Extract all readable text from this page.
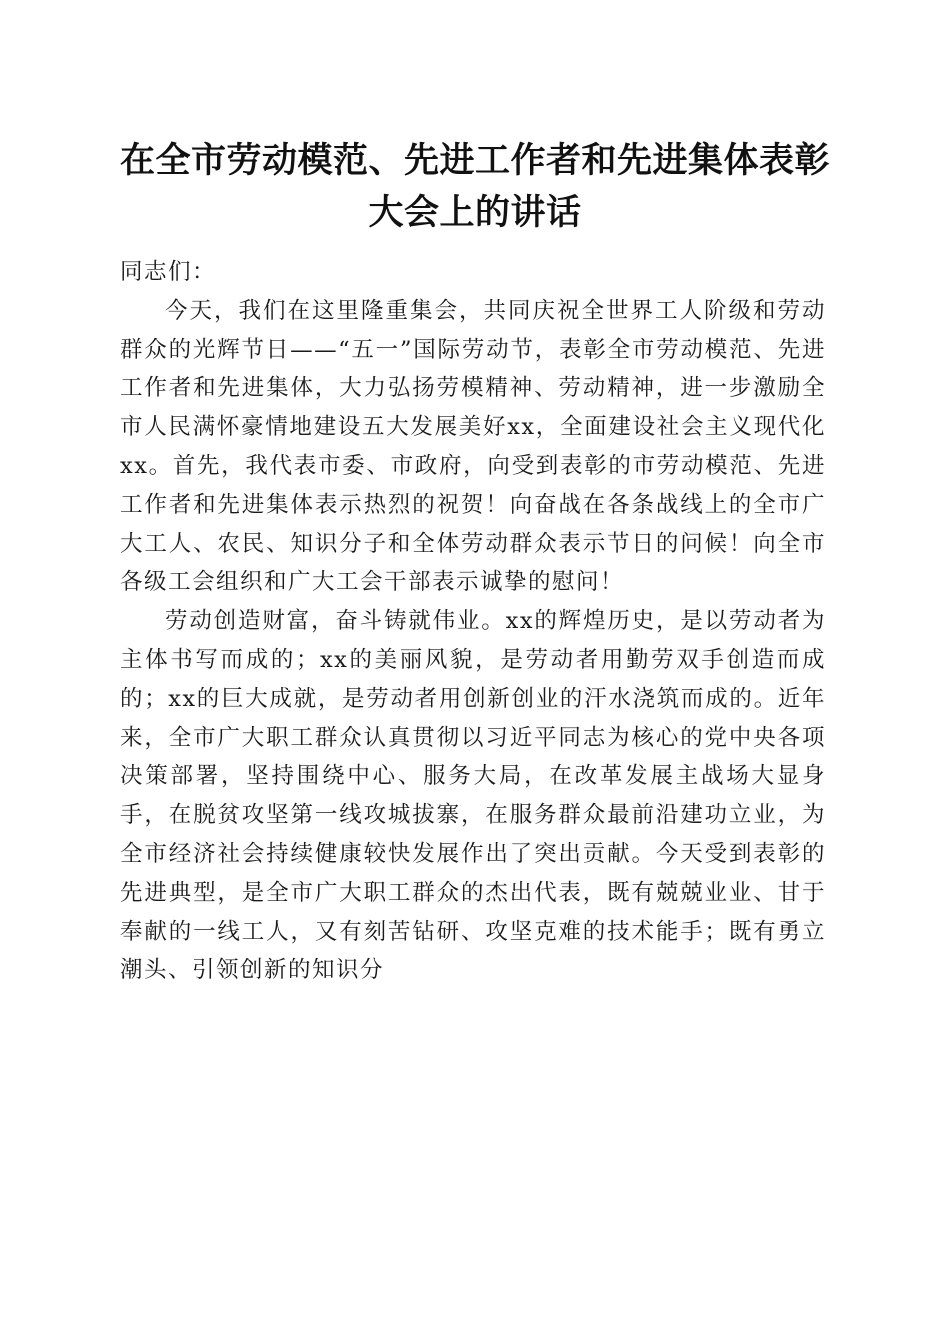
在全市劳动模范、先进工作者和先进集体表彰
大会上的讲话

同志们：

今天，我们在这里隆重集会，共同庆祝全世界工人阶级和劳动群众的光辉节日——“五一”国际劳动节，表彰全市劳动模范、先进工作者和先进集体，大力弘扬劳模精神、劳动精神，进一步激励全市人民满怀豪情地建设五大发展美好xx，全面建设社会主义现代化xx。首先，我代表市委、市政府，向受到表彰的市劳动模范、先进工作者和先进集体表示热烈的祝贺！向奋战在各条战线上的全市广大工人、农民、知识分子和全体劳动群众表示节日的问候！向全市各级工会组织和广大工会干部表示诚挚的慰问！

劳动创造财富，奋斗铸就伟业。xx的辉煌历史，是以劳动者为主体书写而成的；xx的美丽风貌，是劳动者用勤劳双手创造而成的；xx的巨大成就，是劳动者用创新创业的汗水浇筑而成的。近年来，全市广大职工群众认真贯彻以习近平同志为核心的党中央各项决策部署，坚持围绕中心、服务大局，在改革发展主战场大显身手，在脱贫攻坚第一线攻城拔寨，在服务群众最前沿建功立业，为全市经济社会持续健康较快发展作出了突出贡献。今天受到表彰的先进典型，是全市广大职工群众的杰出代表，既有兢兢业业、甘于奉献的一线工人，又有刻苦钻研、攻坚克难的技术能手；既有勇立潮头、引领创新的知识分
